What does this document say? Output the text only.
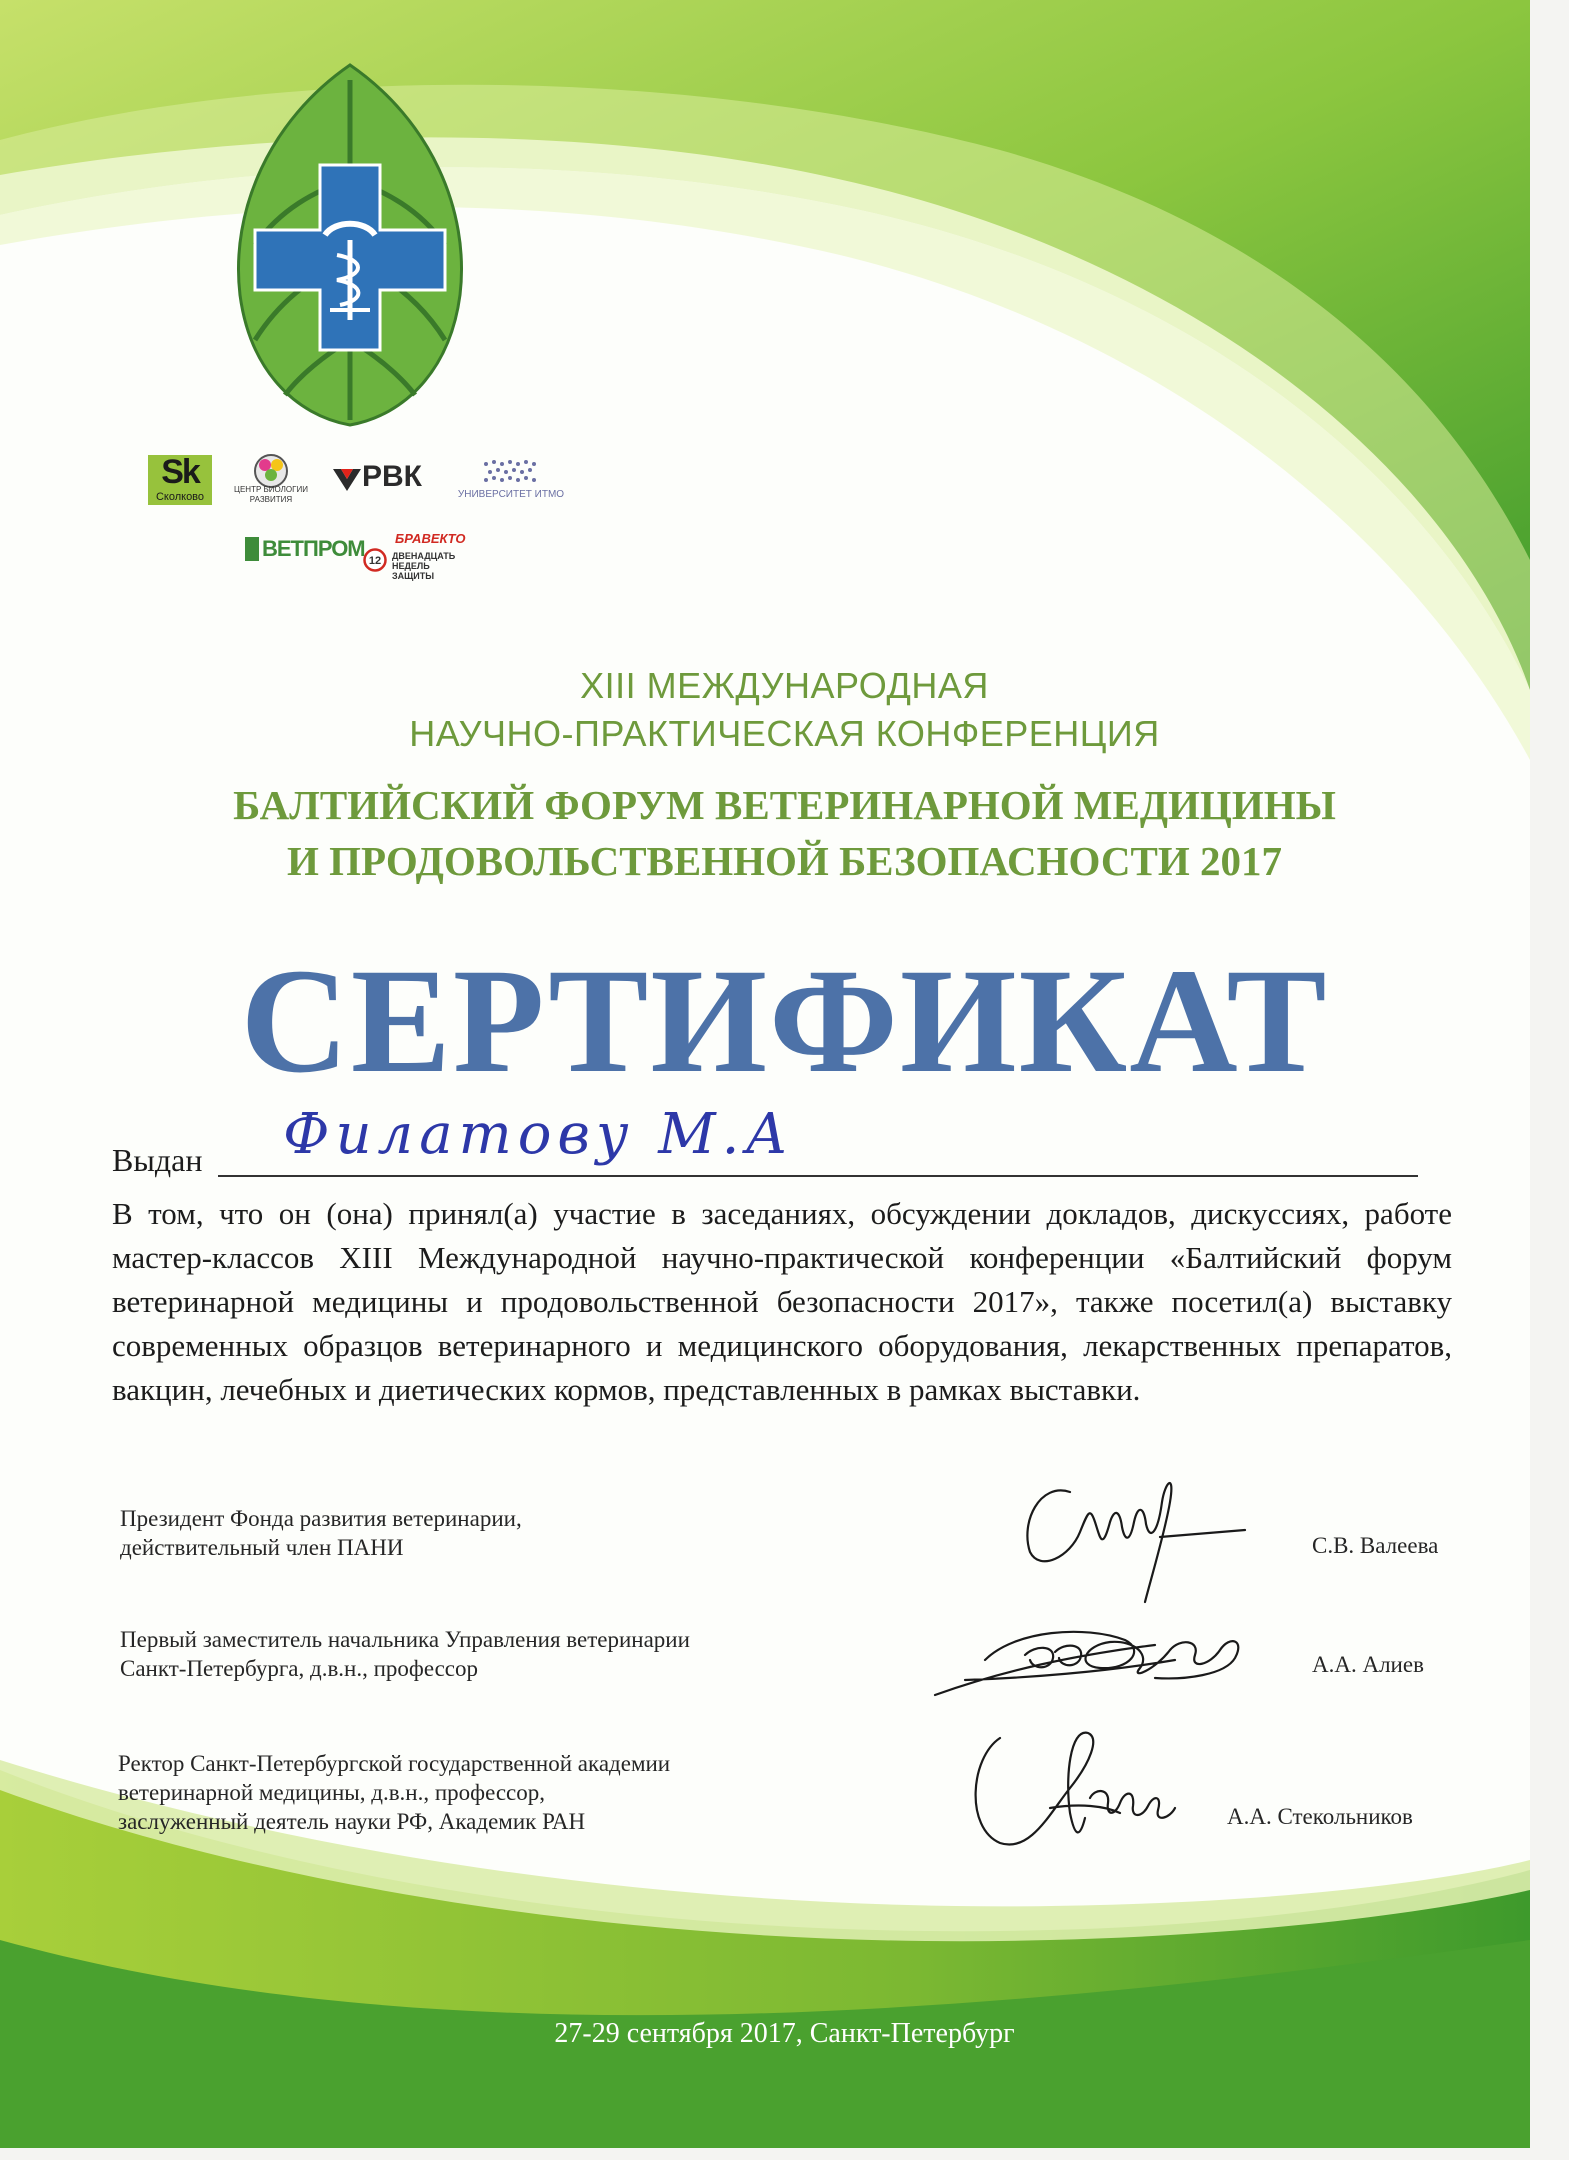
Sk
Сколково
ЦЕНТР БИОЛОГИИ РАЗВИТИЯ
РВК
УНИВЕРСИТЕТ ИТМО
ВЕТПРОМ БРАВЕКТО
12 ДВЕНАДЦАТЬ НЕДЕЛЬ ЗАЩИТЫ
XIII МЕЖДУНАРОДНАЯ
НАУЧНО-ПРАКТИЧЕСКАЯ КОНФЕРЕНЦИЯ
БАЛТИЙСКИЙ ФОРУМ ВЕТЕРИНАРНОЙ МЕДИЦИНЫ
И ПРОДОВОЛЬСТВЕННОЙ БЕЗОПАСНОСТИ 2017
СЕРТИФИКАТ
Выдан Филатову М.А
В том, что он (она) принял(а) участие в заседаниях, обсуждении докладов, дискуссиях, работе мастер-классов XIII Международной научно-практической конференции «Балтийский форум ветеринарной медицины и продовольственной безопасности 2017», также посетил(а) выставку современных образцов ветеринарного и медицинского оборудования, лекарственных препаратов, вакцин, лечебных и диетических кормов, представленных в рамках выставки.
Президент Фонда развития ветеринарии,
действительный член ПАНИ	С.В. Валеева
Первый заместитель начальника Управления ветеринарии
Санкт-Петербурга, д.в.н., профессор	А.А. Алиев
Ректор Санкт-Петербургской государственной академии
ветеринарной медицины, д.в.н., профессор,
заслуженный деятель науки РФ, Академик РАН	А.А. Стекольников
27-29 сентября 2017, Санкт-Петербург
